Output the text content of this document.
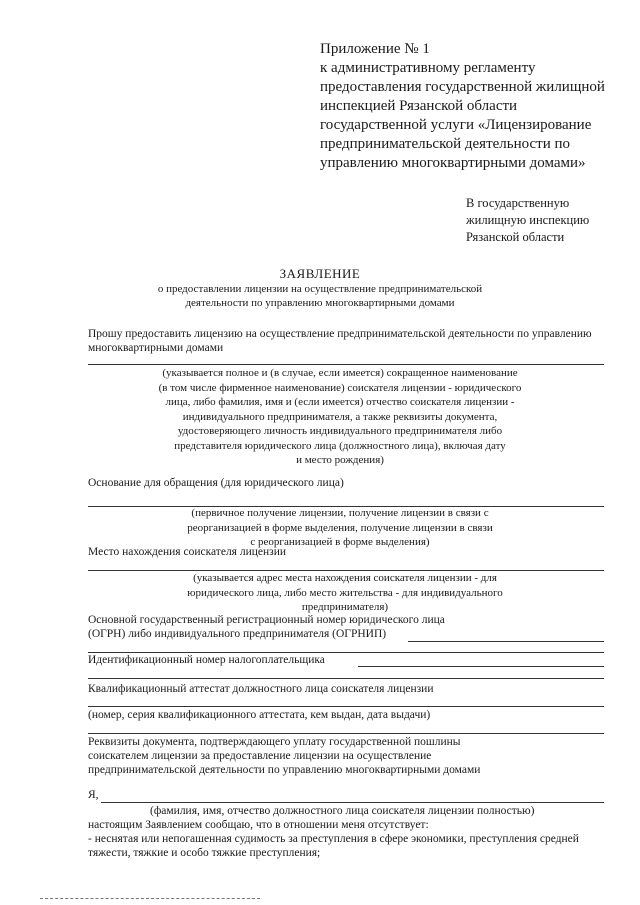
Приложение № 1
к административному регламенту
предоставления государственной жилищной
инспекцией Рязанской области
государственной услуги «Лицензирование
предпринимательской деятельности по
управлению многоквартирными домами»

В государственную
жилищную инспекцию
Рязанской области

ЗАЯВЛЕНИЕ

о предоставлении лицензии на осуществление предпринимательской
деятельности по управлению многоквартирными домами

Прошу предоставить лицензию на осуществление предпринимательской деятельности по управлению
многоквартирными домами

(указывается полное и (в случае, если имеется) сокращенное наименование
(в том числе фирменное наименование) соискателя лицензии - юридического
лица, либо фамилия, имя и (если имеется) отчество соискателя лицензии -
индивидуального предпринимателя, а также реквизиты документа,
удостоверяющего личность индивидуального предпринимателя либо
представителя юридического лица (должностного лица), включая дату
и место рождения)

Основание для обращения (для юридического лица)

(первичное получение лицензии, получение лицензии в связи с
реорганизацией в форме выделения, получение лицензии в связи
с реорганизацией в форме выделения)

Место нахождения соискателя лицензии

(указывается адрес места нахождения соискателя лицензии - для
юридического лица, либо место жительства - для индивидуального
предпринимателя)

Основной государственный регистрационный номер юридического лица
(ОГРН) либо индивидуального предпринимателя (ОГРНИП)

Идентификационный номер налогоплательщика

Квалификационный аттестат должностного лица соискателя лицензии

(номер, серия квалификационного аттестата, кем выдан, дата выдачи)

Реквизиты документа, подтверждающего уплату государственной пошлины
соискателем лицензии за предоставление лицензии на осуществление
предпринимательской деятельности по управлению многоквартирными домами

Я,

(фамилия, имя, отчество должностного лица соискателя лицензии полностью)

настоящим Заявлением сообщаю, что в отношении меня отсутствует:

- неснятая или непогашенная судимость за преступления в сфере экономики, преступления средней
тяжести, тяжкие и особо тяжкие преступления;
